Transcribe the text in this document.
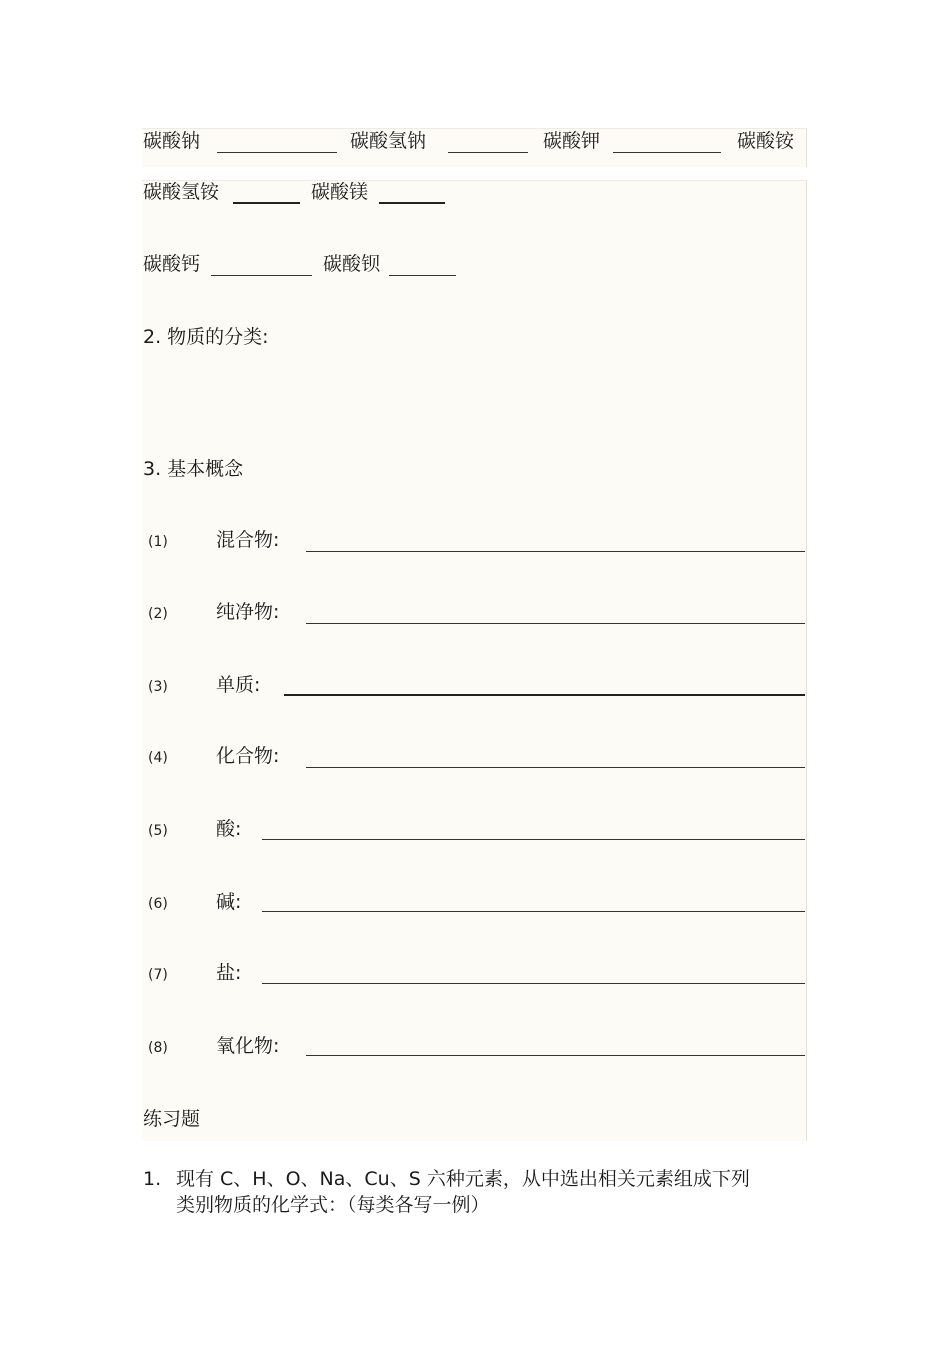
碳酸钠	碳酸氢钠	碳酸钾	碳酸铵
碳酸氢铵	碳酸镁
碳酸钙	碳酸钡
2. 物质的分类:
3. 基本概念
(1)	混合物:
(2)	纯净物:
(3)	单质:
(4)	化合物:
(5)	酸:
(6)	碱:
(7)	盐:
(8)	氧化物:
练习题
1. 现有 C、H、O、Na、Cu、S 六种元素，从中选出相关元素组成下列
类别物质的化学式：（每类各写一例）
